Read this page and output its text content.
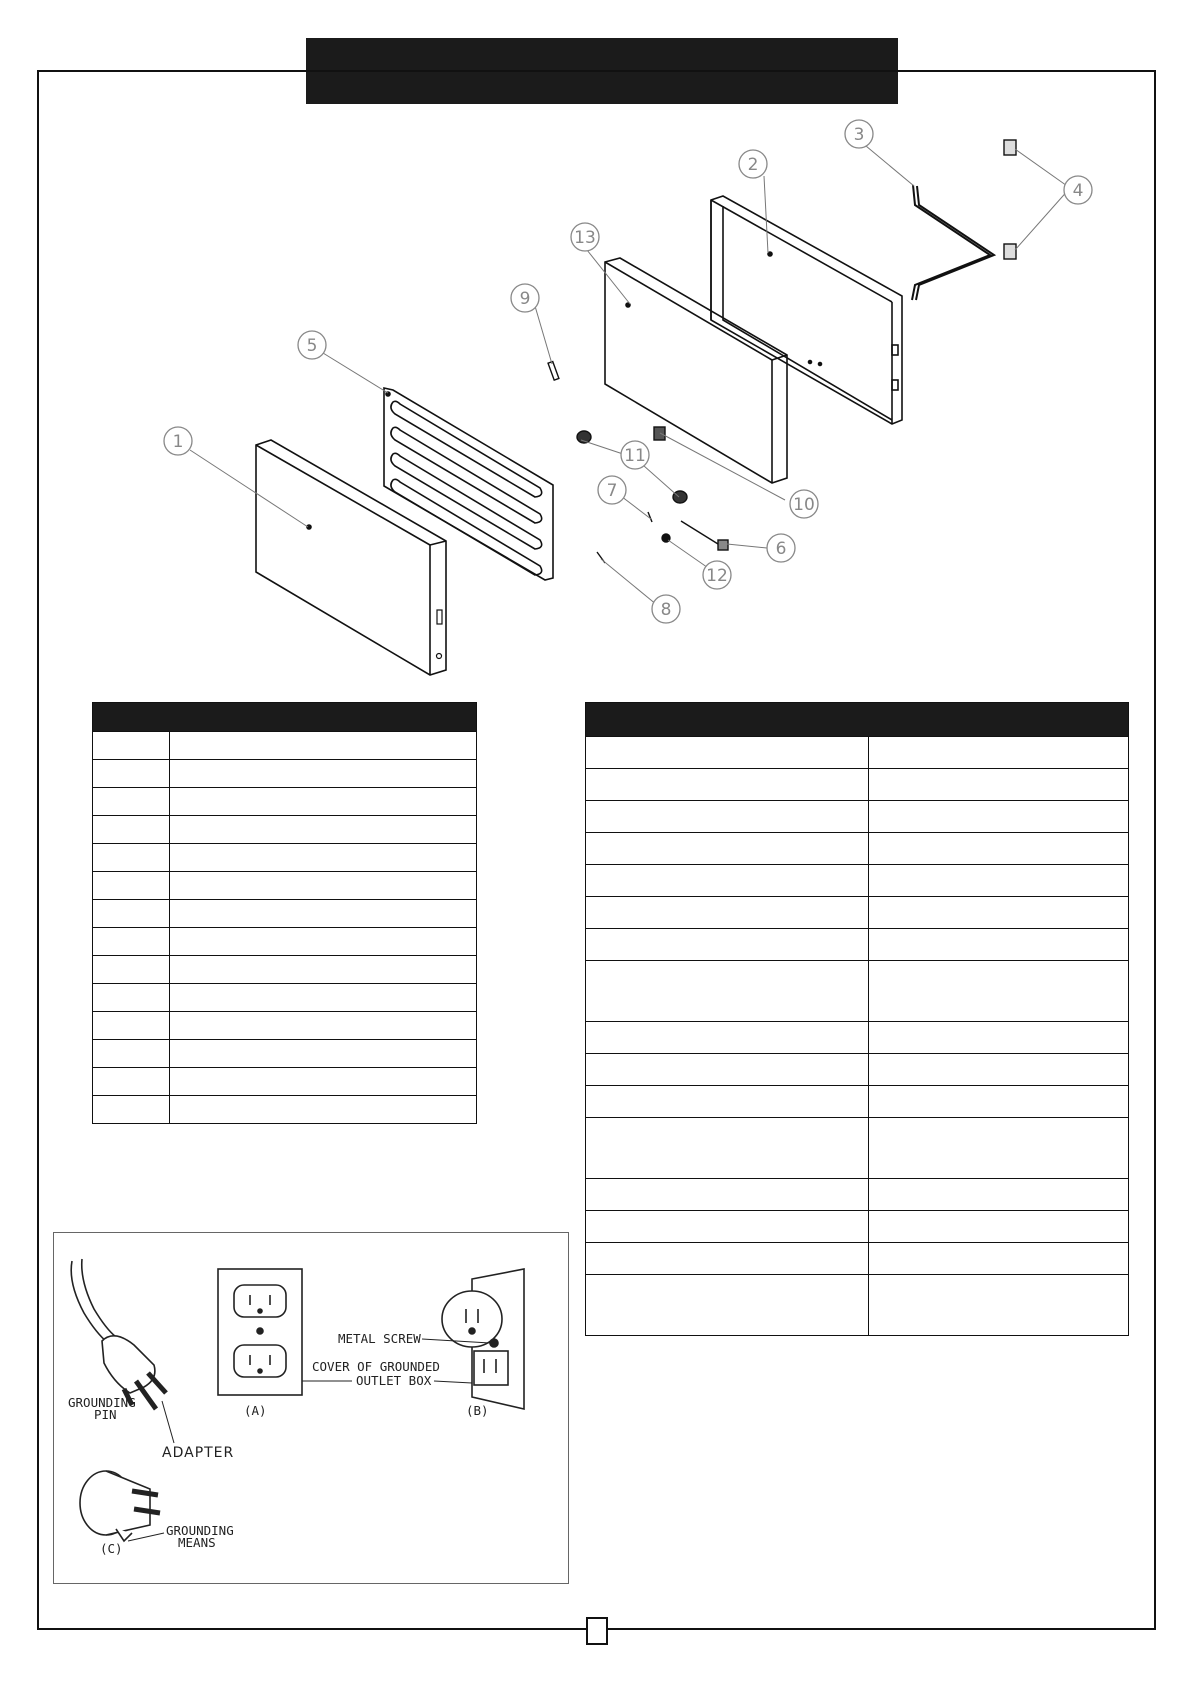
1
5
9
13
2
3
4
11
7
10
6
12
8

GROUNDING
PIN	(A)	(B)
METAL SCREW
COVER OF GROUNDED
OUTLET BOX
ADAPTER
GROUNDING
MEANS
(C)
